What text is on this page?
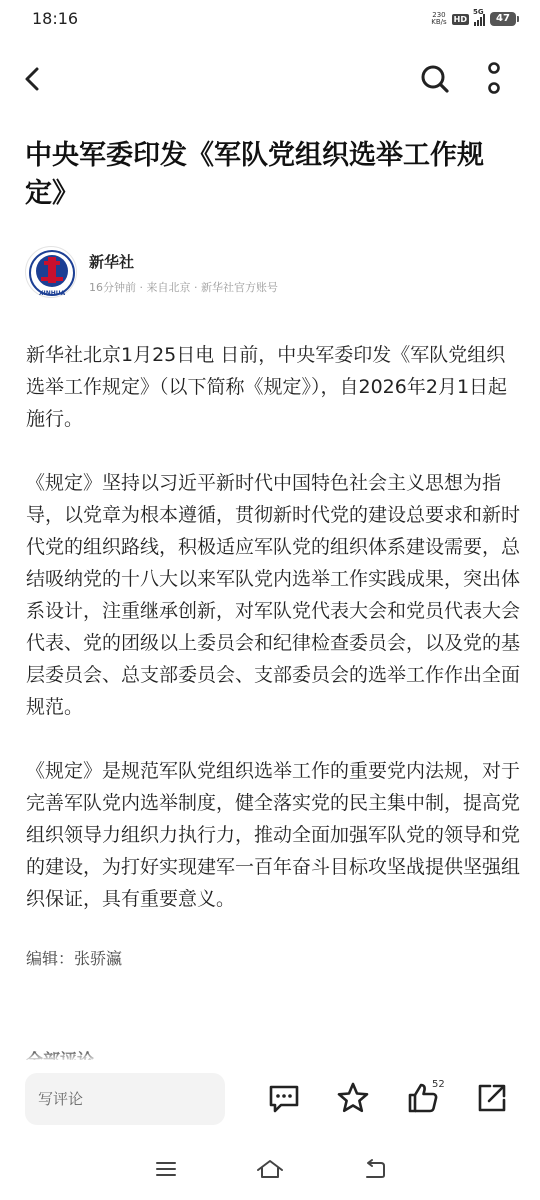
18:16	230
KB/s HD
5G
47
中央军委印发《军队党组织选举工作规定》
XINHUA
新华社
16分钟前 · 来自北京 · 新华社官方账号

新华社北京1月25日电 日前，中央军委印发《军队党组织选举工作规定》（以下简称《规定》），自2026年2月1日起施行。

《规定》坚持以习近平新时代中国特色社会主义思想为指导，以党章为根本遵循，贯彻新时代党的建设总要求和新时代党的组织路线，积极适应军队党的组织体系建设需要，总结吸纳党的十八大以来军队党内选举工作实践成果，突出体系设计，注重继承创新，对军队党代表大会和党员代表大会代表、党的团级以上委员会和纪律检查委员会，以及党的基层委员会、总支部委员会、支部委员会的选举工作作出全面规范。

《规定》是规范军队党组织选举工作的重要党内法规，对于完善军队党内选举制度，健全落实党的民主集中制，提高党组织领导力组织力执行力，推动全面加强军队党的领导和党的建设，为打好实现建军一百年奋斗目标攻坚战提供坚强组织保证，具有重要意义。

编辑：张骄瀛

写评论
52
